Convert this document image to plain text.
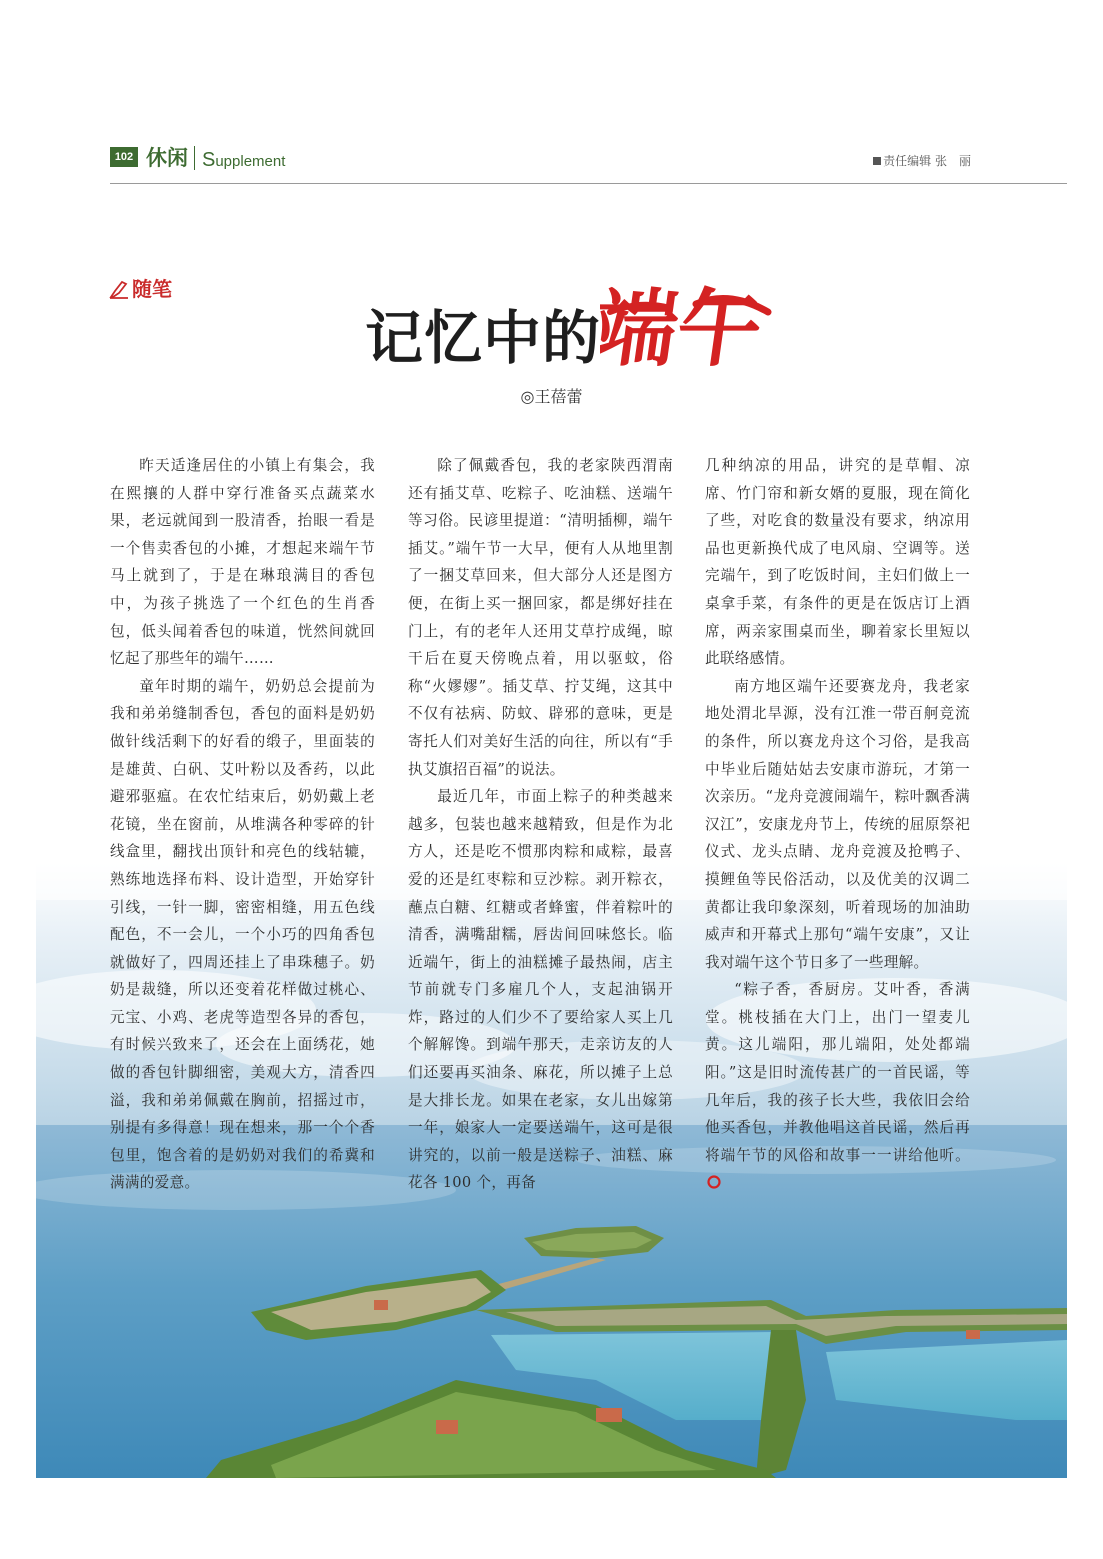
102 休闲 Supplement	责任编辑 张　丽
随笔
记忆中的
端午
◎王蓓蕾

昨天适逢居住的小镇上有集会，我在熙攘的人群中穿行准备买点蔬菜水果，老远就闻到一股清香，抬眼一看是一个售卖香包的小摊，才想起来端午节马上就到了，于是在琳琅满目的香包中，为孩子挑选了一个红色的生肖香包，低头闻着香包的味道，恍然间就回忆起了那些年的端午……

童年时期的端午，奶奶总会提前为我和弟弟缝制香包，香包的面料是奶奶做针线活剩下的好看的缎子，里面装的是雄黄、白矾、艾叶粉以及香药，以此避邪驱瘟。在农忙结束后，奶奶戴上老花镜，坐在窗前，从堆满各种零碎的针线盒里，翻找出顶针和亮色的线轱辘，熟练地选择布料、设计造型，开始穿针引线，一针一脚，密密相缝，用五色线配色，不一会儿，一个小巧的四角香包就做好了，四周还挂上了串珠穗子。奶奶是裁缝，所以还变着花样做过桃心、元宝、小鸡、老虎等造型各异的香包，有时候兴致来了，还会在上面绣花，她做的香包针脚细密，美观大方，清香四溢，我和弟弟佩戴在胸前，招摇过市，别提有多得意！现在想来，那一个个香包里，饱含着的是奶奶对我们的希冀和满满的爱意。

除了佩戴香包，我的老家陕西渭南还有插艾草、吃粽子、吃油糕、送端午等习俗。民谚里提道：“清明插柳，端午插艾。”端午节一大早，便有人从地里割了一捆艾草回来，但大部分人还是图方便，在街上买一捆回家，都是绑好挂在门上，有的老年人还用艾草拧成绳，晾干后在夏天傍晚点着，用以驱蚊，俗称“火嫪嫪”。插艾草、拧艾绳，这其中不仅有祛病、防蚊、辟邪的意味，更是寄托人们对美好生活的向往，所以有“手执艾旗招百福”的说法。

最近几年，市面上粽子的种类越来越多，包装也越来越精致，但是作为北方人，还是吃不惯那肉粽和咸粽，最喜爱的还是红枣粽和豆沙粽。剥开粽衣，蘸点白糖、红糖或者蜂蜜，伴着粽叶的清香，满嘴甜糯，唇齿间回味悠长。临近端午，街上的油糕摊子最热闹，店主节前就专门多雇几个人，支起油锅开炸，路过的人们少不了要给家人买上几个解解馋。到端午那天，走亲访友的人们还要再买油条、麻花，所以摊子上总是大排长龙。如果在老家，女儿出嫁第一年，娘家人一定要送端午，这可是很讲究的，以前一般是送粽子、油糕、麻花各 100 个，再备

几种纳凉的用品，讲究的是草帽、凉席、竹门帘和新女婿的夏服，现在简化了些，对吃食的数量没有要求，纳凉用品也更新换代成了电风扇、空调等。送完端午，到了吃饭时间，主妇们做上一桌拿手菜，有条件的更是在饭店订上酒席，两亲家围桌而坐，聊着家长里短以此联络感情。

南方地区端午还要赛龙舟，我老家地处渭北旱源，没有江淮一带百舸竞流的条件，所以赛龙舟这个习俗，是我高中毕业后随姑姑去安康市游玩，才第一次亲历。“龙舟竞渡闹端午，粽叶飘香满汉江”，安康龙舟节上，传统的屈原祭祀仪式、龙头点睛、龙舟竞渡及抢鸭子、摸鲤鱼等民俗活动，以及优美的汉调二黄都让我印象深刻，听着现场的加油助威声和开幕式上那句“端午安康”，又让我对端午这个节日多了一些理解。

“粽子香，香厨房。艾叶香，香满堂。桃枝插在大门上，出门一望麦儿黄。这儿端阳，那儿端阳，处处都端阳。”这是旧时流传甚广的一首民谣，等几年后，我的孩子长大些，我依旧会给他买香包，并教他唱这首民谣，然后再将端午节的风俗和故事一一讲给他听。
